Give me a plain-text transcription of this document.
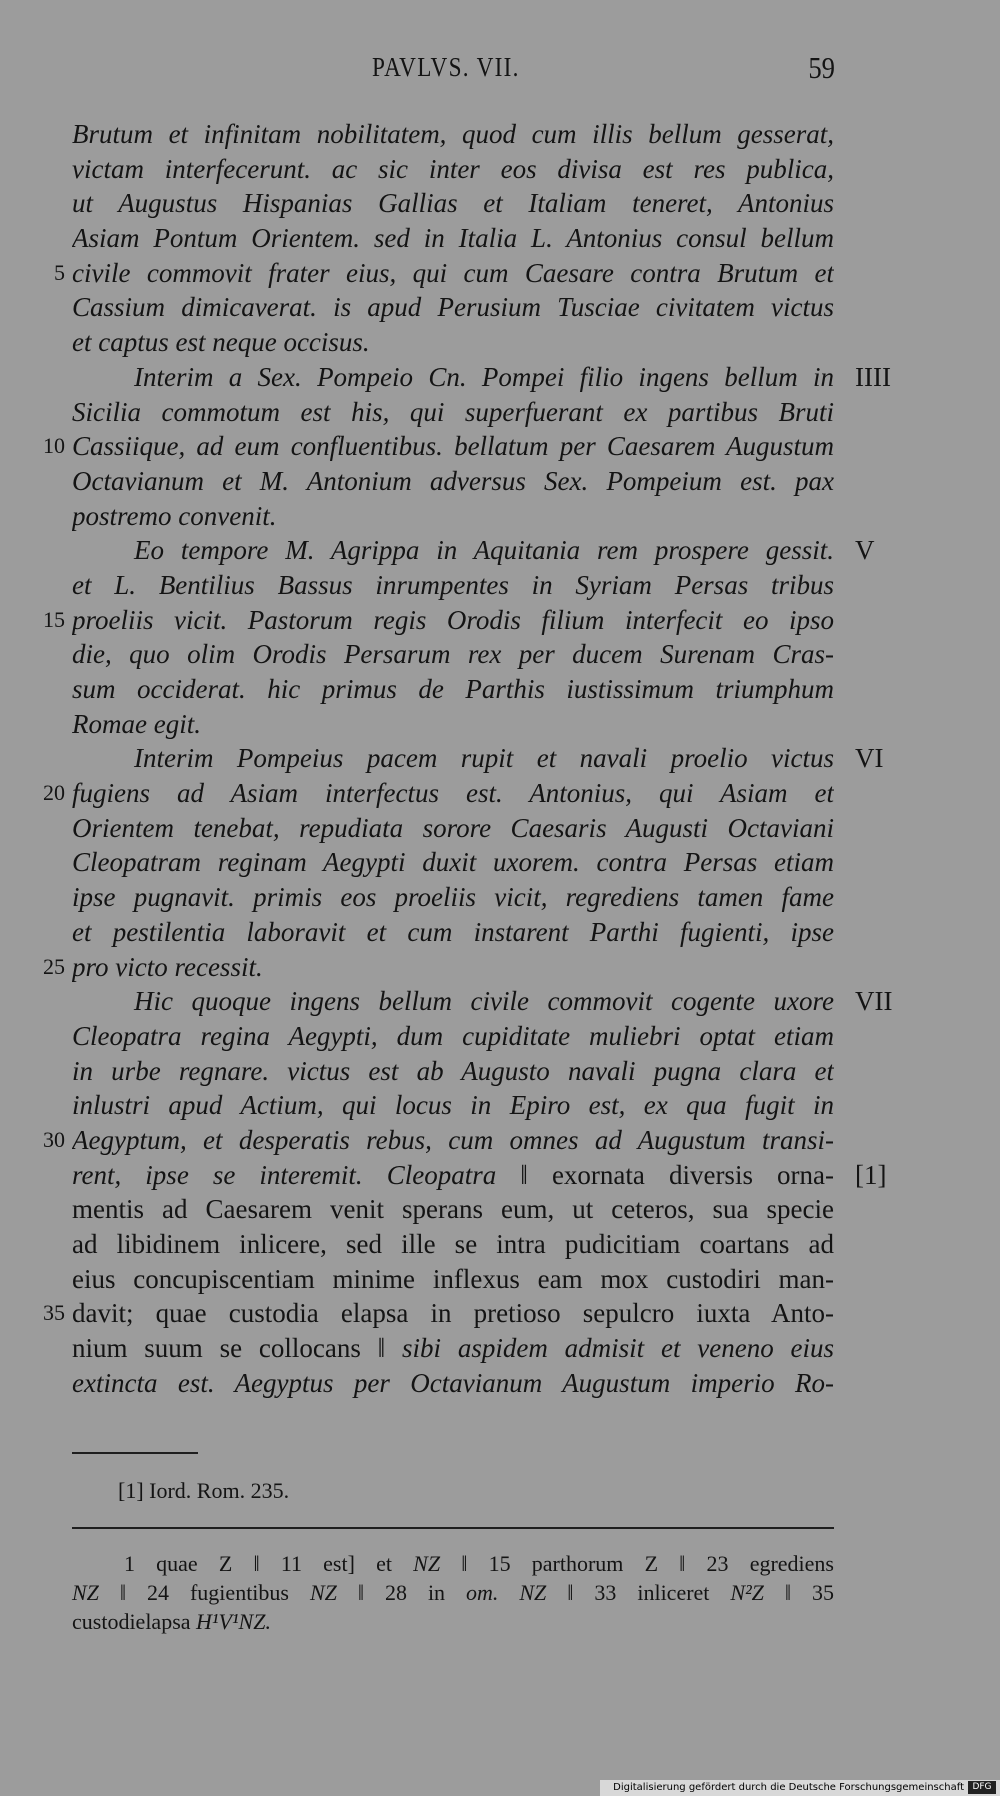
PAVLVS. VII.	59
Brutum et infinitam nobilitatem, quod cum illis bellum gesserat,
victam interfecerunt. ac sic inter eos divisa est res publica,
ut Augustus Hispanias Gallias et Italiam teneret, Antonius
Asiam Pontum Orientem. sed in Italia L. Antonius consul bellum
5 civile commovit frater eius, qui cum Caesare contra Brutum et
Cassium dimicaverat. is apud Perusium Tusciae civitatem victus
et captus est neque occisus.
Interim a Sex. Pompeio Cn. Pompei filio ingens bellum in IIII
Sicilia commotum est his, qui superfuerant ex partibus Bruti
10 Cassiique, ad eum confluentibus. bellatum per Caesarem Augustum
Octavianum et M. Antonium adversus Sex. Pompeium est. pax
postremo convenit.
Eo tempore M. Agrippa in Aquitania rem prospere gessit. V
et L. Bentilius Bassus inrumpentes in Syriam Persas tribus
15 proeliis vicit. Pastorum regis Orodis filium interfecit eo ipso
die, quo olim Orodis Persarum rex per ducem Surenam Cras-
sum occiderat. hic primus de Parthis iustissimum triumphum
Romae egit.
Interim Pompeius pacem rupit et navali proelio victus VI
20 fugiens ad Asiam interfectus est. Antonius, qui Asiam et
Orientem tenebat, repudiata sorore Caesaris Augusti Octaviani
Cleopatram reginam Aegypti duxit uxorem. contra Persas etiam
ipse pugnavit. primis eos proeliis vicit, regrediens tamen fame
et pestilentia laboravit et cum instarent Parthi fugienti, ipse
25 pro victo recessit.
Hic quoque ingens bellum civile commovit cogente uxore VII
Cleopatra regina Aegypti, dum cupiditate muliebri optat etiam
in urbe regnare. victus est ab Augusto navali pugna clara et
inlustri apud Actium, qui locus in Epiro est, ex qua fugit in
30 Aegyptum, et desperatis rebus, cum omnes ad Augustum transi-
rent, ipse se interemit. Cleopatra ‖ exornata diversis orna- [1]
mentis ad Caesarem venit sperans eum, ut ceteros, sua specie
ad libidinem inlicere, sed ille se intra pudicitiam coartans ad
eius concupiscentiam minime inflexus eam mox custodiri man-
35 davit; quae custodia elapsa in pretioso sepulcro iuxta Anto-
nium suum se collocans ‖ sibi aspidem admisit et veneno eius
extincta est. Aegyptus per Octavianum Augustum imperio Ro-
[1] Iord. Rom. 235.
1 quae Z ‖ 11 est] et NZ ‖ 15 parthorum Z ‖ 23 egrediens
NZ ‖ 24 fugientibus NZ ‖ 28 in om. NZ ‖ 33 inliceret N²Z ‖ 35
custodielapsa H¹V¹NZ.
Digitalisierung gefördert durch die Deutsche Forschungsgemeinschaft DFG
